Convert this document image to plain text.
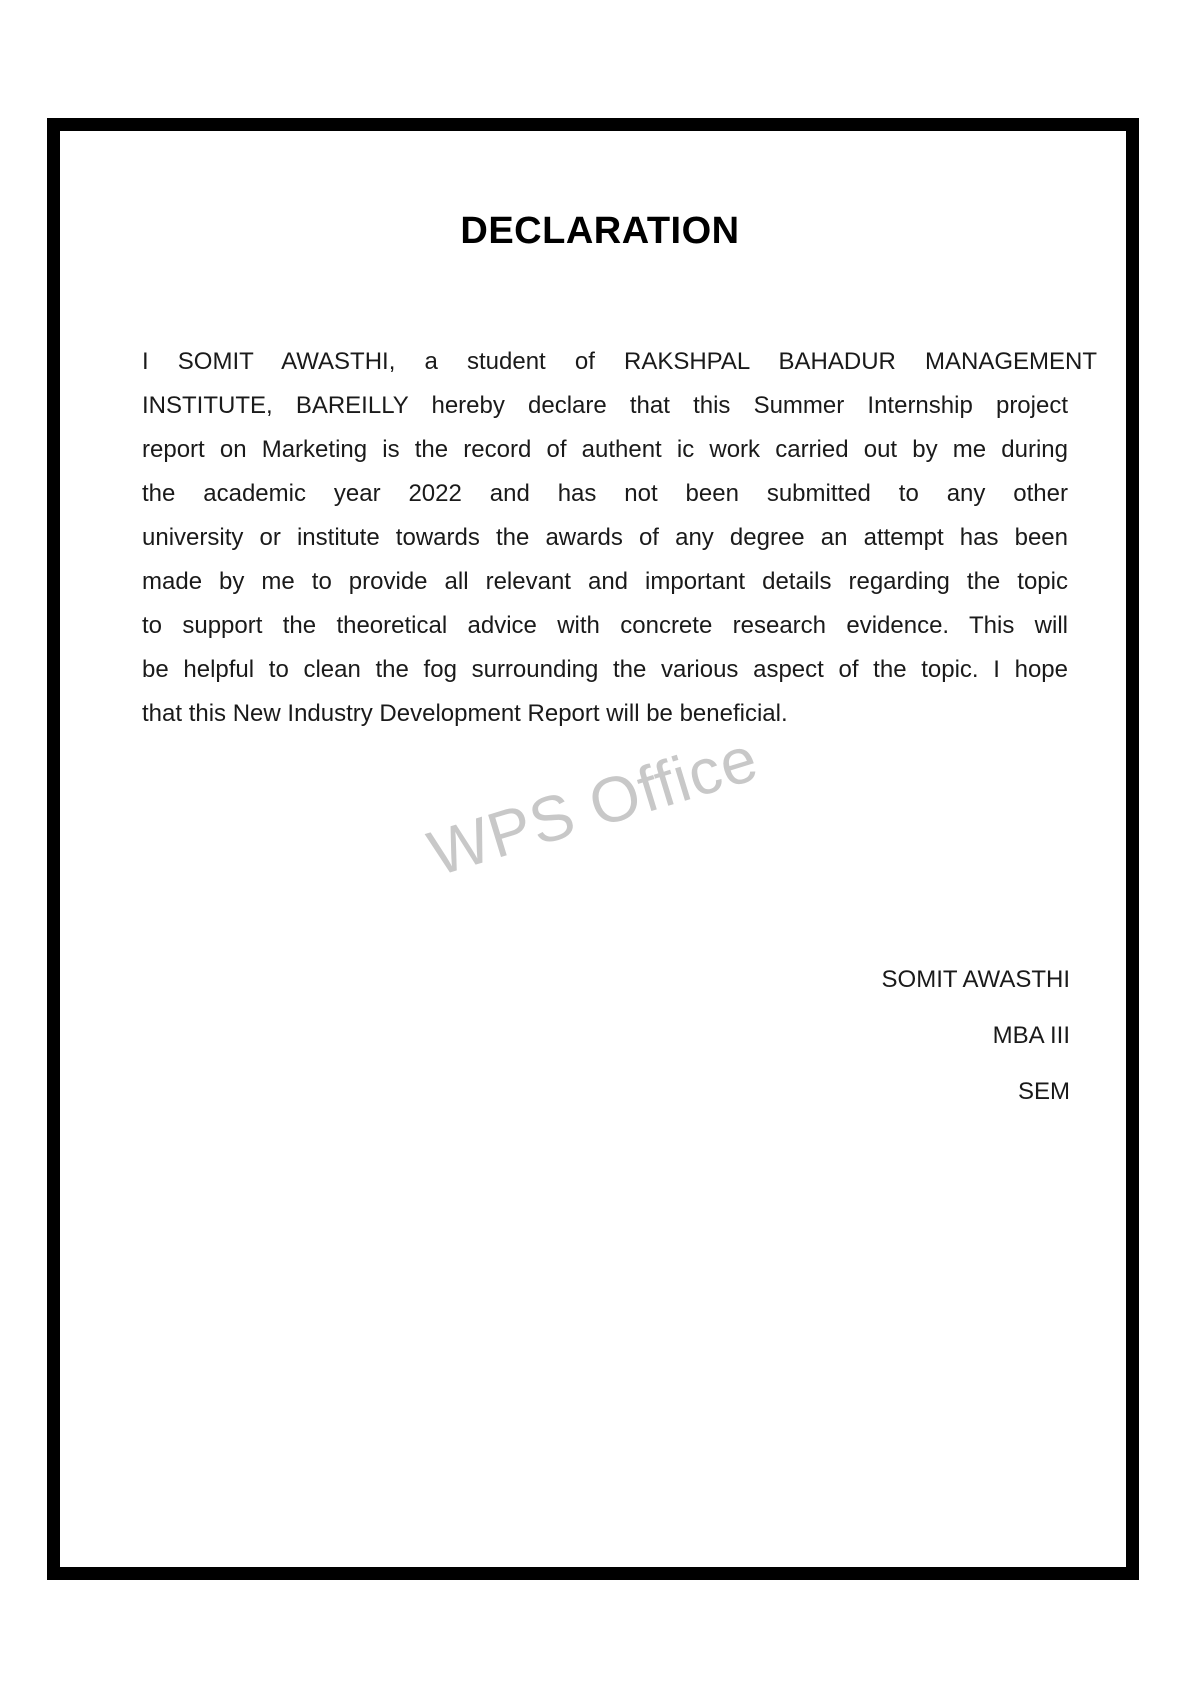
DECLARATION
I SOMIT AWASTHI, a student of RAKSHPAL BAHADUR MANAGEMENT
INSTITUTE, BAREILLY hereby declare that this Summer Internship project
report on Marketing is the record of authent ic work carried out by me during
the academic year 2022 and has not been submitted to any other
university or institute towards the awards of any degree an attempt has been
made by me to provide all relevant and important details regarding the topic
to support the theoretical advice with concrete research evidence. This will
be helpful to clean the fog surrounding the various aspect of the topic. I hope
that this New Industry Development Report will be beneficial.
WPS Office
SOMIT AWASTHI
MBA III
SEM
